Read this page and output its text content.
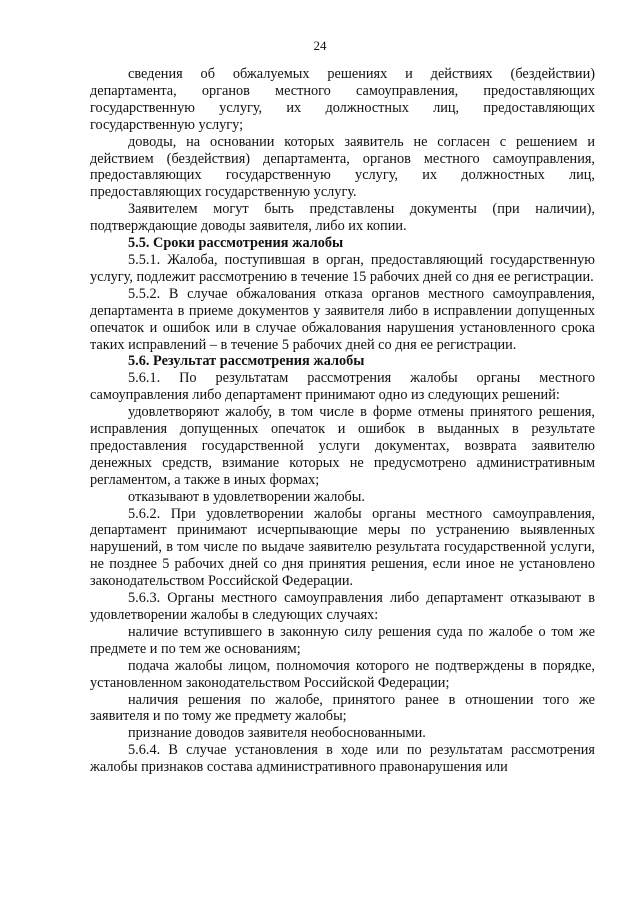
24

сведения об обжалуемых решениях и действиях (бездействии) департамента, органов местного самоуправления, предоставляющих государственную услугу, их должностных лиц, предоставляющих государственную услугу;

доводы, на основании которых заявитель не согласен с решением и действием (бездействия) департамента, органов местного самоуправления, предоставляющих государственную услугу, их должностных лиц, предоставляющих государственную услугу.

Заявителем могут быть представлены документы (при наличии), подтверждающие доводы заявителя, либо их копии.

5.5. Сроки рассмотрения жалобы

5.5.1. Жалоба, поступившая в орган, предоставляющий государственную услугу, подлежит рассмотрению в течение 15 рабочих дней со дня ее регистрации.

5.5.2. В случае обжалования отказа органов местного самоуправления, департамента в приеме документов у заявителя либо в исправлении допущенных опечаток и ошибок или в случае обжалования нарушения установленного срока таких исправлений – в течение 5 рабочих дней со дня ее регистрации.

5.6. Результат рассмотрения жалобы

5.6.1. По результатам рассмотрения жалобы органы местного самоуправления либо департамент принимают одно из следующих решений:

удовлетворяют жалобу, в том числе в форме отмены принятого решения, исправления допущенных опечаток и ошибок в выданных в результате предоставления государственной услуги документах, возврата заявителю денежных средств, взимание которых не предусмотрено административным регламентом, а также в иных формах;

отказывают в удовлетворении жалобы.

5.6.2. При удовлетворении жалобы органы местного самоуправления, департамент принимают исчерпывающие меры по устранению выявленных нарушений, в том числе по выдаче заявителю результата государственной услуги, не позднее 5 рабочих дней со дня принятия решения, если иное не установлено законодательством Российской Федерации.

5.6.3. Органы местного самоуправления либо департамент отказывают в удовлетворении жалобы в следующих случаях:

наличие вступившего в законную силу решения суда по жалобе о том же предмете и по тем же основаниям;

подача жалобы лицом, полномочия которого не подтверждены в порядке, установленном законодательством Российской Федерации;

наличия решения по жалобе, принятого ранее в отношении того же заявителя и по тому же предмету жалобы;

признание доводов заявителя необоснованными.

5.6.4. В случае установления в ходе или по результатам рассмотрения жалобы признаков состава административного правонарушения или
